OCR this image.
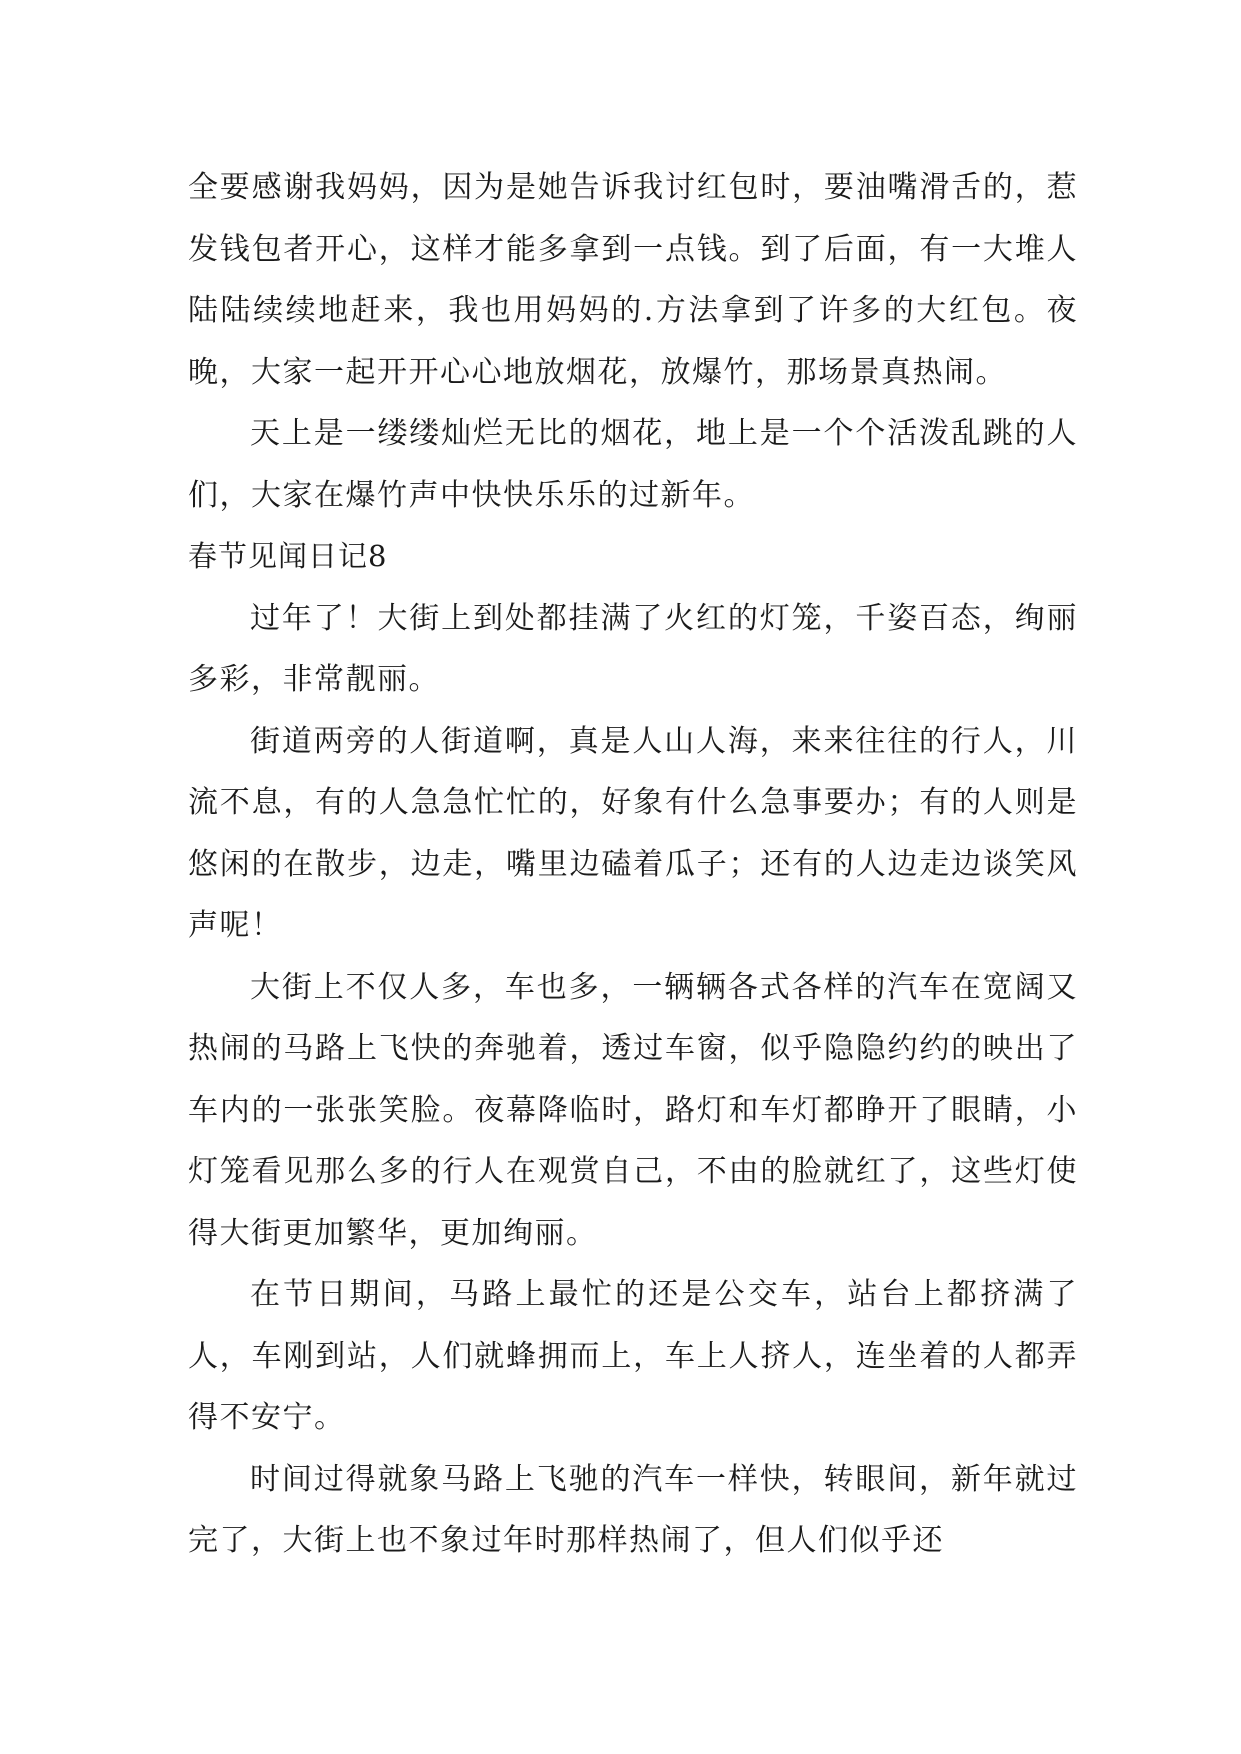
全要感谢我妈妈，因为是她告诉我讨红包时，要油嘴滑舌的，惹发钱包者开心，这样才能多拿到一点钱。到了后面，有一大堆人陆陆续续地赶来，我也用妈妈的.方法拿到了许多的大红包。夜晚，大家一起开开心心地放烟花，放爆竹，那场景真热闹。

天上是一缕缕灿烂无比的烟花，地上是一个个活泼乱跳的人们，大家在爆竹声中快快乐乐的过新年。

春节见闻日记8

过年了！大街上到处都挂满了火红的灯笼，千姿百态，绚丽多彩，非常靓丽。

街道两旁的人街道啊，真是人山人海，来来往往的行人，川流不息，有的人急急忙忙的，好象有什么急事要办；有的人则是悠闲的在散步，边走，嘴里边磕着瓜子；还有的人边走边谈笑风声呢！

大街上不仅人多，车也多，一辆辆各式各样的汽车在宽阔又热闹的马路上飞快的奔驰着，透过车窗，似乎隐隐约约的映出了车内的一张张笑脸。夜幕降临时，路灯和车灯都睁开了眼睛，小灯笼看见那么多的行人在观赏自己，不由的脸就红了，这些灯使得大街更加繁华，更加绚丽。

在节日期间，马路上最忙的还是公交车，站台上都挤满了人，车刚到站，人们就蜂拥而上，车上人挤人，连坐着的人都弄得不安宁。

时间过得就象马路上飞驰的汽车一样快，转眼间，新年就过完了，大街上也不象过年时那样热闹了，但人们似乎还
